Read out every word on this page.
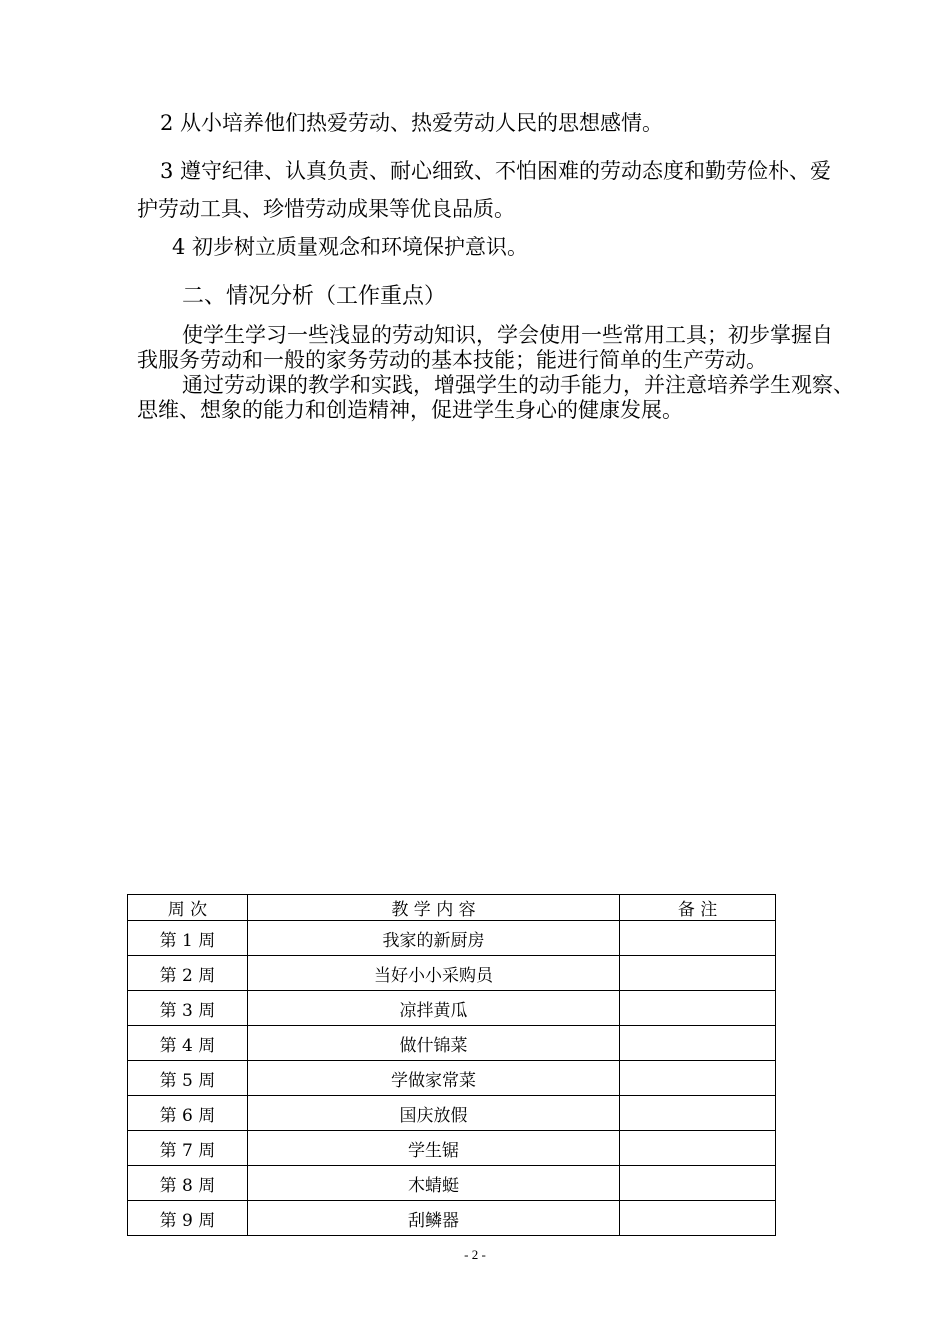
2 从小培养他们热爱劳动、热爱劳动人民的思想感情。
3 遵守纪律、认真负责、耐心细致、不怕困难的劳动态度和勤劳俭朴、爱
护劳动工具、珍惜劳动成果等优良品质。
4 初步树立质量观念和环境保护意识。
二、情况分析（工作重点）
使学生学习一些浅显的劳动知识，学会使用一些常用工具；初步掌握自
我服务劳动和一般的家务劳动的基本技能；能进行简单的生产劳动。
通过劳动课的教学和实践，增强学生的动手能力，并注意培养学生观察、
思维、想象的能力和创造精神，促进学生身心的健康发展。
周 次	教 学 内 容	备 注
第 1 周	我家的新厨房	
第 2 周	当好小小采购员	
第 3 周	凉拌黄瓜	
第 4 周	做什锦菜	
第 5 周	学做家常菜	
第 6 周	国庆放假	
第 7 周	学生锯	
第 8 周	木蜻蜓	
第 9 周	刮鳞器	
- 2 -
